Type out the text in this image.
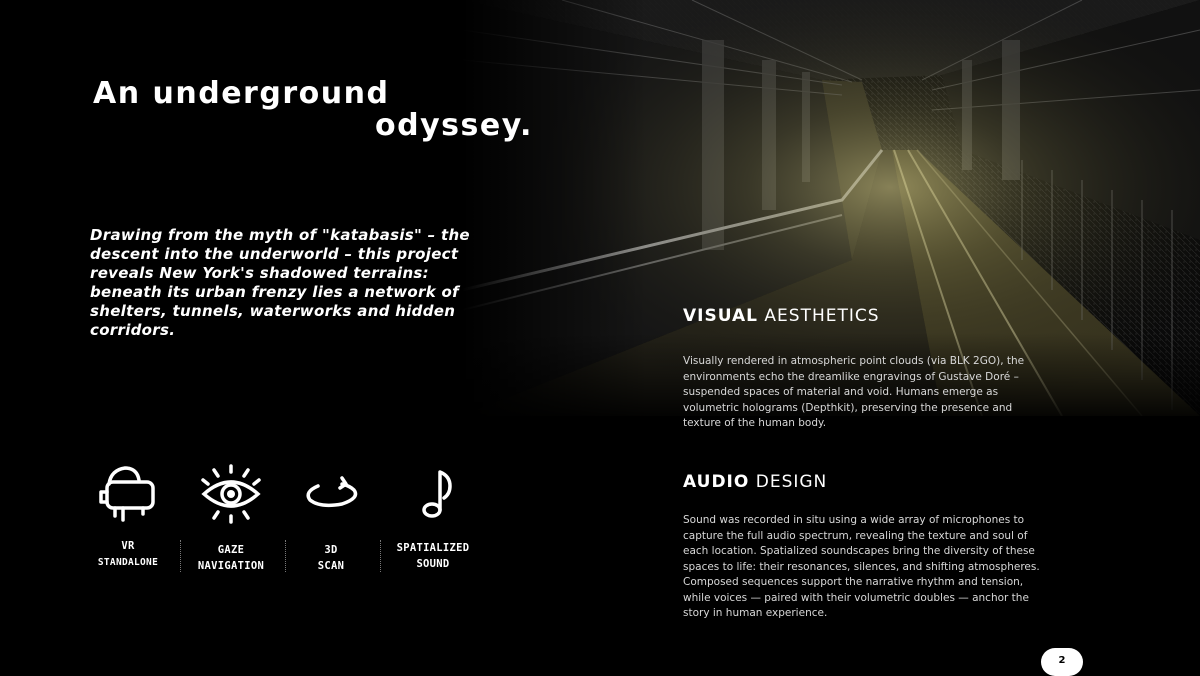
An underground
odyssey.
Drawing from the myth of "katabasis" – the descent into the underworld – this project reveals New York's shadowed terrains: beneath its urban frenzy lies a network of shelters, tunnels, waterworks and hidden corridors.
VR
STANDALONE
GAZE
NAVIGATION
3D
SCAN
SPATIALIZED
SOUND
VISUAL AESTHETICS

Visually rendered in atmospheric point clouds (via BLK 2GO), the environments echo the dreamlike engravings of Gustave Doré – suspended spaces of material and void. Humans emerge as volumetric holograms (Depthkit), preserving the presence and texture of the human body.

AUDIO DESIGN

Sound was recorded in situ using a wide array of microphones to capture the full audio spectrum, revealing the texture and soul of each location. Spatialized soundscapes bring the diversity of these spaces to life: their resonances, silences, and shifting atmospheres.

Composed sequences support the narrative rhythm and tension, while voices — paired with their volumetric doubles — anchor the story in human experience.

2
